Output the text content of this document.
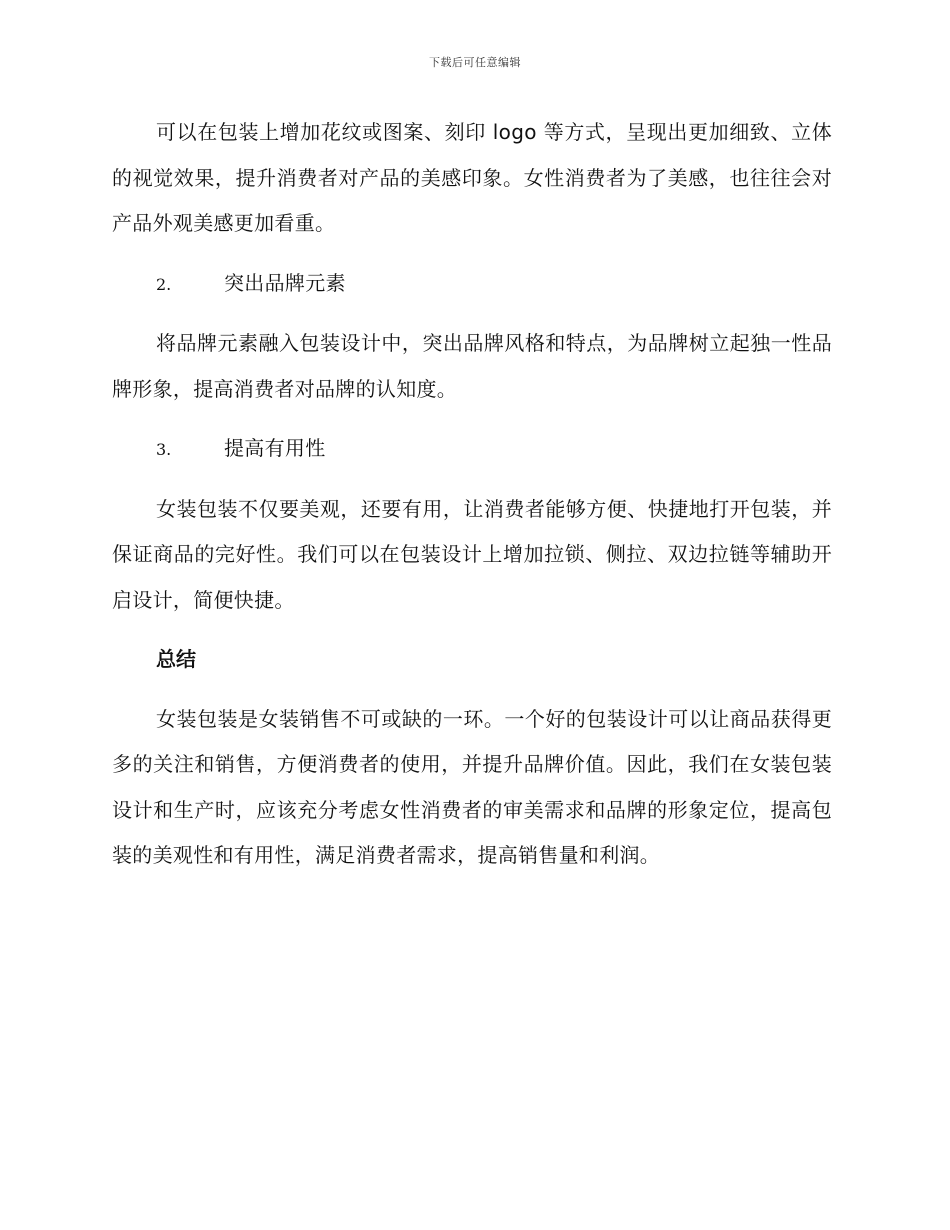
下载后可任意编辑

可以在包装上增加花纹或图案、刻印 logo 等方式，呈现出更加细致、立体的视觉效果，提升消费者对产品的美感印象。女性消费者为了美感，也往往会对产品外观美感更加看重。

2.	突出品牌元素

将品牌元素融入包装设计中，突出品牌风格和特点，为品牌树立起独一性品牌形象，提高消费者对品牌的认知度。

3.	提高有用性

女装包装不仅要美观，还要有用，让消费者能够方便、快捷地打开包装，并保证商品的完好性。我们可以在包装设计上增加拉锁、侧拉、双边拉链等辅助开启设计，简便快捷。

总结

女装包装是女装销售不可或缺的一环。一个好的包装设计可以让商品获得更多的关注和销售，方便消费者的使用，并提升品牌价值。因此，我们在女装包装设计和生产时，应该充分考虑女性消费者的审美需求和品牌的形象定位，提高包装的美观性和有用性，满足消费者需求，提高销售量和利润。
